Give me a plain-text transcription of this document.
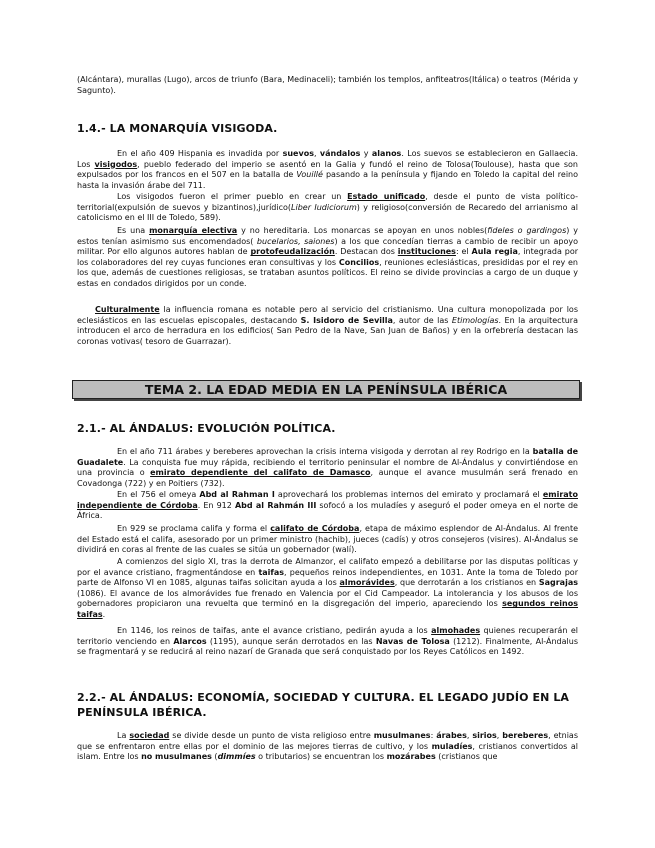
(Alcántara), murallas (Lugo), arcos de triunfo (Bara, Medinaceli); también los templos, anfiteatros(Itálica) o teatros (Mérida y Sagunto).

1.4.- LA MONARQUÍA VISIGODA.

En el año 409 Hispania es invadida por suevos, vándalos y alanos. Los suevos se establecieron en Gallaecia. Los visigodos, pueblo federado del imperio se asentó en la Galia y fundó el reino de Tolosa(Toulouse), hasta que son expulsados por los francos en el 507 en la batalla de Vouillé pasando a la península y fijando en Toledo la capital del reino hasta la invasión árabe del 711.

Los visigodos fueron el primer pueblo en crear un Estado unificado, desde el punto de vista político-territorial(expulsión de suevos y bizantinos),jurídico(Liber Iudiciorum) y religioso(conversión de Recaredo del arrianismo al catolicismo en el III de Toledo, 589).

Es una monarquía electiva y no hereditaria. Los monarcas se apoyan en unos nobles(fideles o gardingos) y estos tenían asimismo sus encomendados( bucelarios, saiones) a los que concedían tierras a cambio de recibir un apoyo militar. Por ello algunos autores hablan de protofeudalización. Destacan dos instituciones: el Aula regia, integrada por los colaboradores del rey cuyas funciones eran consultivas y los Concilios, reuniones eclesiásticas, presididas por el rey en los que, además de cuestiones religiosas, se trataban asuntos políticos. El reino se divide provincias a cargo de un duque y estas en condados dirigidos por un conde.

Culturalmente la influencia romana es notable pero al servicio del cristianismo. Una cultura monopolizada por los eclesiásticos en las escuelas episcopales, destacando S. Isidoro de Sevilla, autor de las Etimologías. En la arquitectura introducen el arco de herradura en los edificios( San Pedro de la Nave, San Juan de Baños) y en la orfebrería destacan las coronas votivas( tesoro de Guarrazar).

TEMA 2. LA EDAD MEDIA EN LA PENÍNSULA IBÉRICA
2.1.- AL ÁNDALUS: EVOLUCIÓN POLÍTICA.

En el año 711 árabes y bereberes aprovechan la crisis interna visigoda y derrotan al rey Rodrigo en la batalla de Guadalete. La conquista fue muy rápida, recibiendo el territorio peninsular el nombre de Al-Ándalus y convirtiéndose en una provincia o emirato dependiente del califato de Damasco, aunque el avance musulmán será frenado en Covadonga (722) y en Poitiers (732).

En el 756 el omeya Abd al Rahman I aprovechará los problemas internos del emirato y proclamará el emirato independiente de Córdoba. En 912 Abd al Rahmán III sofocó a los muladíes y aseguró el poder omeya en el norte de África.

En 929 se proclama califa y forma el califato de Córdoba, etapa de máximo esplendor de Al-Ándalus. Al frente del Estado está el califa, asesorado por un primer ministro (hachib), jueces (cadís) y otros consejeros (visires). Al-Ándalus se dividirá en coras al frente de las cuales se sitúa un gobernador (walí).

A comienzos del siglo XI, tras la derrota de Almanzor, el califato empezó a debilitarse por las disputas políticas y por el avance cristiano, fragmentándose en taifas, pequeños reinos independientes, en 1031. Ante la toma de Toledo por parte de Alfonso VI en 1085, algunas taifas solicitan ayuda a los almorávides, que derrotarán a los cristianos en Sagrajas (1086). El avance de los almorávides fue frenado en Valencia por el Cid Campeador. La intolerancia y los abusos de los gobernadores propiciaron una revuelta que terminó en la disgregación del imperio, apareciendo los segundos reinos taifas.

En 1146, los reinos de taifas, ante el avance cristiano, pedirán ayuda a los almohades quienes recuperarán el territorio venciendo en Alarcos (1195), aunque serán derrotados en las Navas de Tolosa (1212). Finalmente, Al-Ándalus se fragmentará y se reducirá al reino nazarí de Granada que será conquistado por los Reyes Católicos en 1492.

2.2.- AL ÁNDALUS: ECONOMÍA, SOCIEDAD Y CULTURA. EL LEGADO JUDÍO EN LA PENÍNSULA IBÉRICA.

La sociedad se divide desde un punto de vista religioso entre musulmanes: árabes, sirios, bereberes, etnias que se enfrentaron entre ellas por el dominio de las mejores tierras de cultivo, y los muladíes, cristianos convertidos al islam. Entre los no musulmanes (dimmíes o tributarios) se encuentran los mozárabes (cristianos que
